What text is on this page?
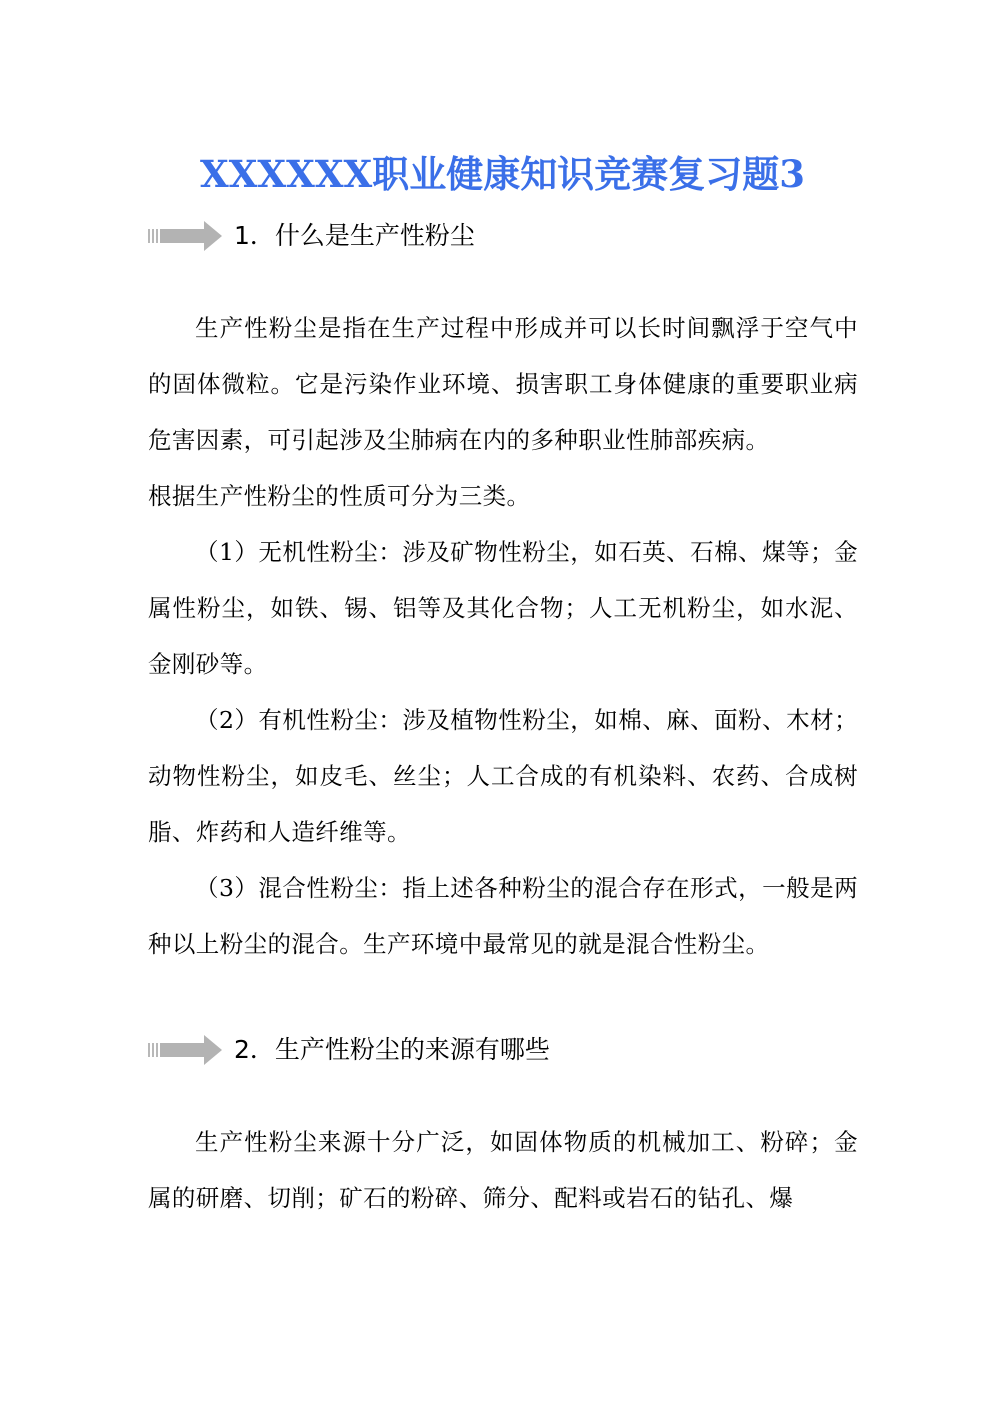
XXXXXX职业健康知识竞赛复习题3
1． 什么是生产性粉尘

生产性粉尘是指在生产过程中形成并可以长时间飘浮于空气中的固体微粒。它是污染作业环境、损害职工身体健康的重要职业病危害因素，可引起涉及尘肺病在内的多种职业性肺部疾病。

根据生产性粉尘的性质可分为三类。

（1）无机性粉尘：涉及矿物性粉尘，如石英、石棉、煤等；金属性粉尘，如铁、锡、铝等及其化合物；人工无机粉尘，如水泥、金刚砂等。

（2）有机性粉尘：涉及植物性粉尘，如棉、麻、面粉、木材；动物性粉尘，如皮毛、丝尘；人工合成的有机染料、农药、合成树脂、炸药和人造纤维等。

（3）混合性粉尘：指上述各种粉尘的混合存在形式，一般是两种以上粉尘的混合。生产环境中最常见的就是混合性粉尘。

2． 生产性粉尘的来源有哪些

生产性粉尘来源十分广泛，如固体物质的机械加工、粉碎；金属的研磨、切削；矿石的粉碎、筛分、配料或岩石的钻孔、爆
